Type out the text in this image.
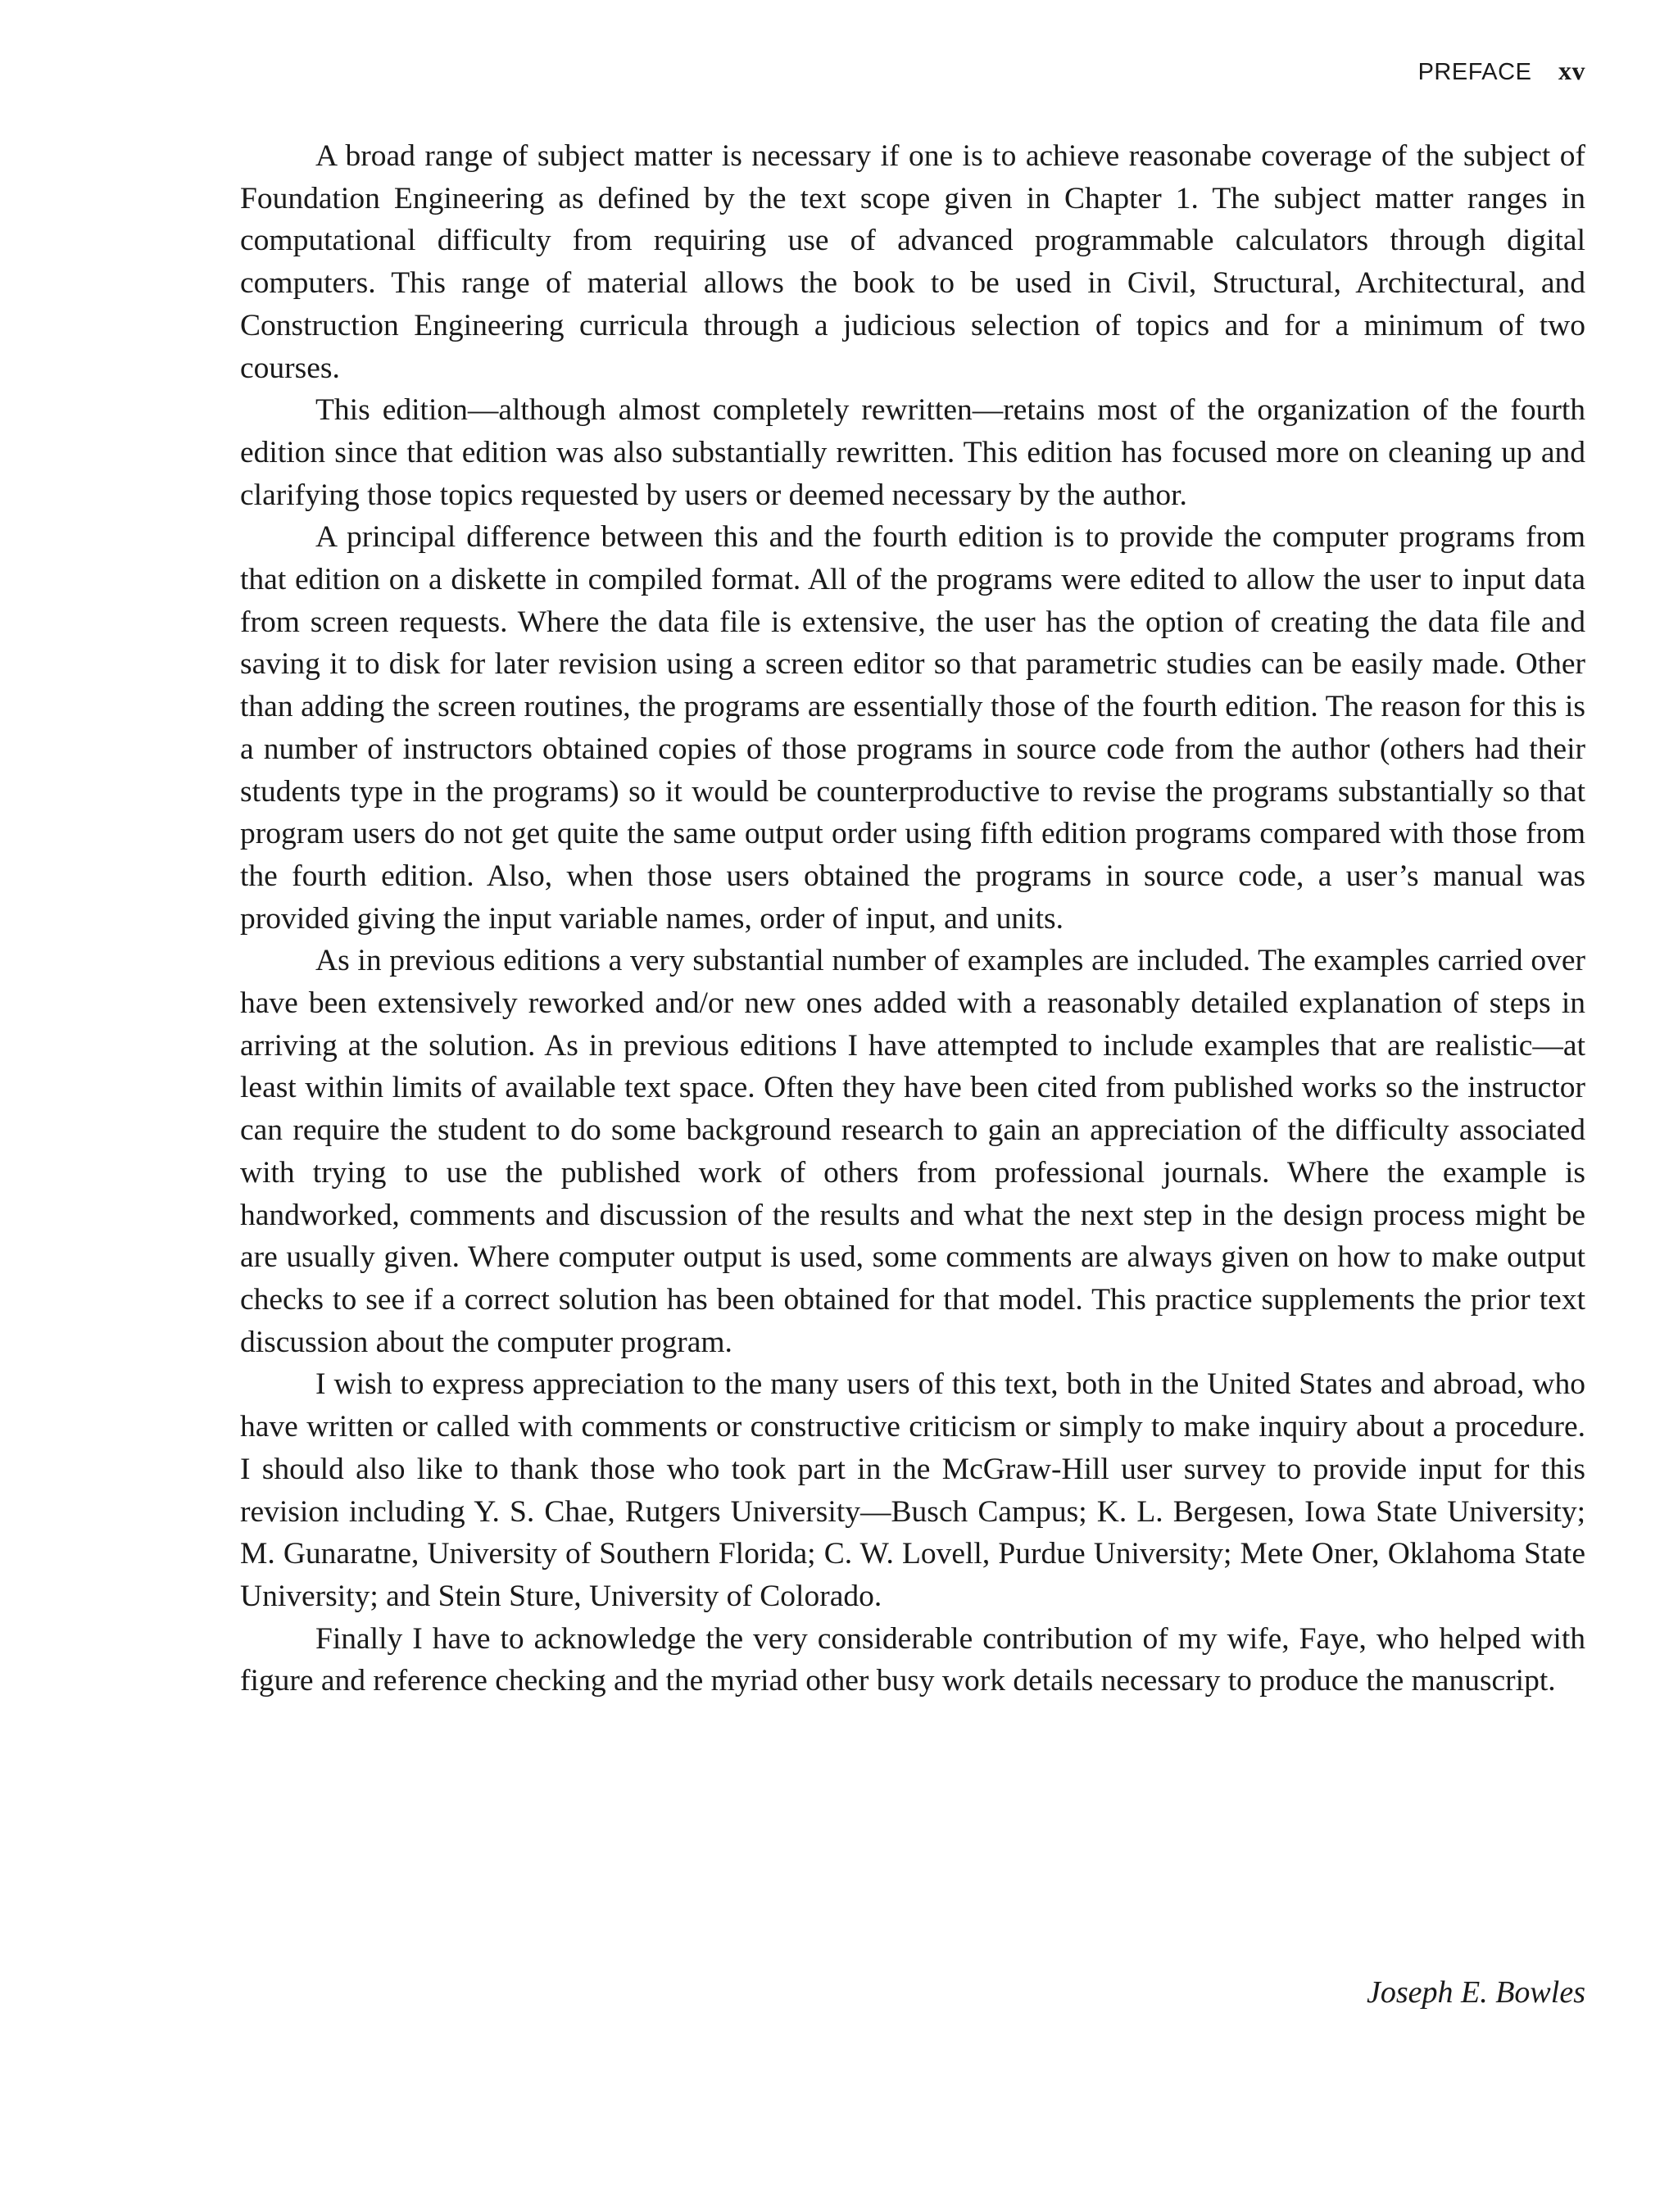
PREFACE xv

A broad range of subject matter is necessary if one is to achieve reasonabe coverage of the subject of Foundation Engineering as defined by the text scope given in Chapter 1. The subject matter ranges in computational difficulty from requiring use of advanced programmable calculators through digital computers. This range of material allows the book to be used in Civil, Structural, Architectural, and Construction Engineering curricula through a judicious selection of topics and for a minimum of two courses.

This edition—although almost completely rewritten—retains most of the organization of the fourth edition since that edition was also substantially rewritten. This edition has focused more on cleaning up and clarifying those topics requested by users or deemed necessary by the author.

A principal difference between this and the fourth edition is to provide the computer programs from that edition on a diskette in compiled format. All of the programs were edited to allow the user to input data from screen requests. Where the data file is extensive, the user has the option of creating the data file and saving it to disk for later revision using a screen editor so that parametric studies can be easily made. Other than adding the screen routines, the programs are essentially those of the fourth edition. The reason for this is a number of instructors obtained copies of those programs in source code from the author (others had their students type in the programs) so it would be counterproductive to revise the programs substantially so that program users do not get quite the same output order using fifth edition programs compared with those from the fourth edition. Also, when those users obtained the programs in source code, a user’s manual was provided giving the input variable names, order of input, and units.

As in previous editions a very substantial number of examples are included. The examples carried over have been extensively reworked and/or new ones added with a reasonably detailed explanation of steps in arriving at the solution. As in previous editions I have attempted to include examples that are realistic—at least within limits of available text space. Often they have been cited from published works so the instructor can require the student to do some background research to gain an appreciation of the difficulty associated with trying to use the published work of others from professional journals. Where the example is handworked, comments and discussion of the results and what the next step in the design process might be are usually given. Where computer output is used, some comments are always given on how to make output checks to see if a correct solution has been obtained for that model. This practice supplements the prior text discussion about the computer program.

I wish to express appreciation to the many users of this text, both in the United States and abroad, who have written or called with comments or constructive criticism or simply to make inquiry about a procedure. I should also like to thank those who took part in the McGraw-Hill user survey to provide input for this revision including Y. S. Chae, Rutgers University—Busch Campus; K. L. Bergesen, Iowa State University; M. Gunaratne, University of Southern Florida; C. W. Lovell, Purdue University; Mete Oner, Oklahoma State University; and Stein Sture, University of Colorado.

Finally I have to acknowledge the very considerable contribution of my wife, Faye, who helped with figure and reference checking and the myriad other busy work details necessary to produce the manuscript.

Joseph E. Bowles
